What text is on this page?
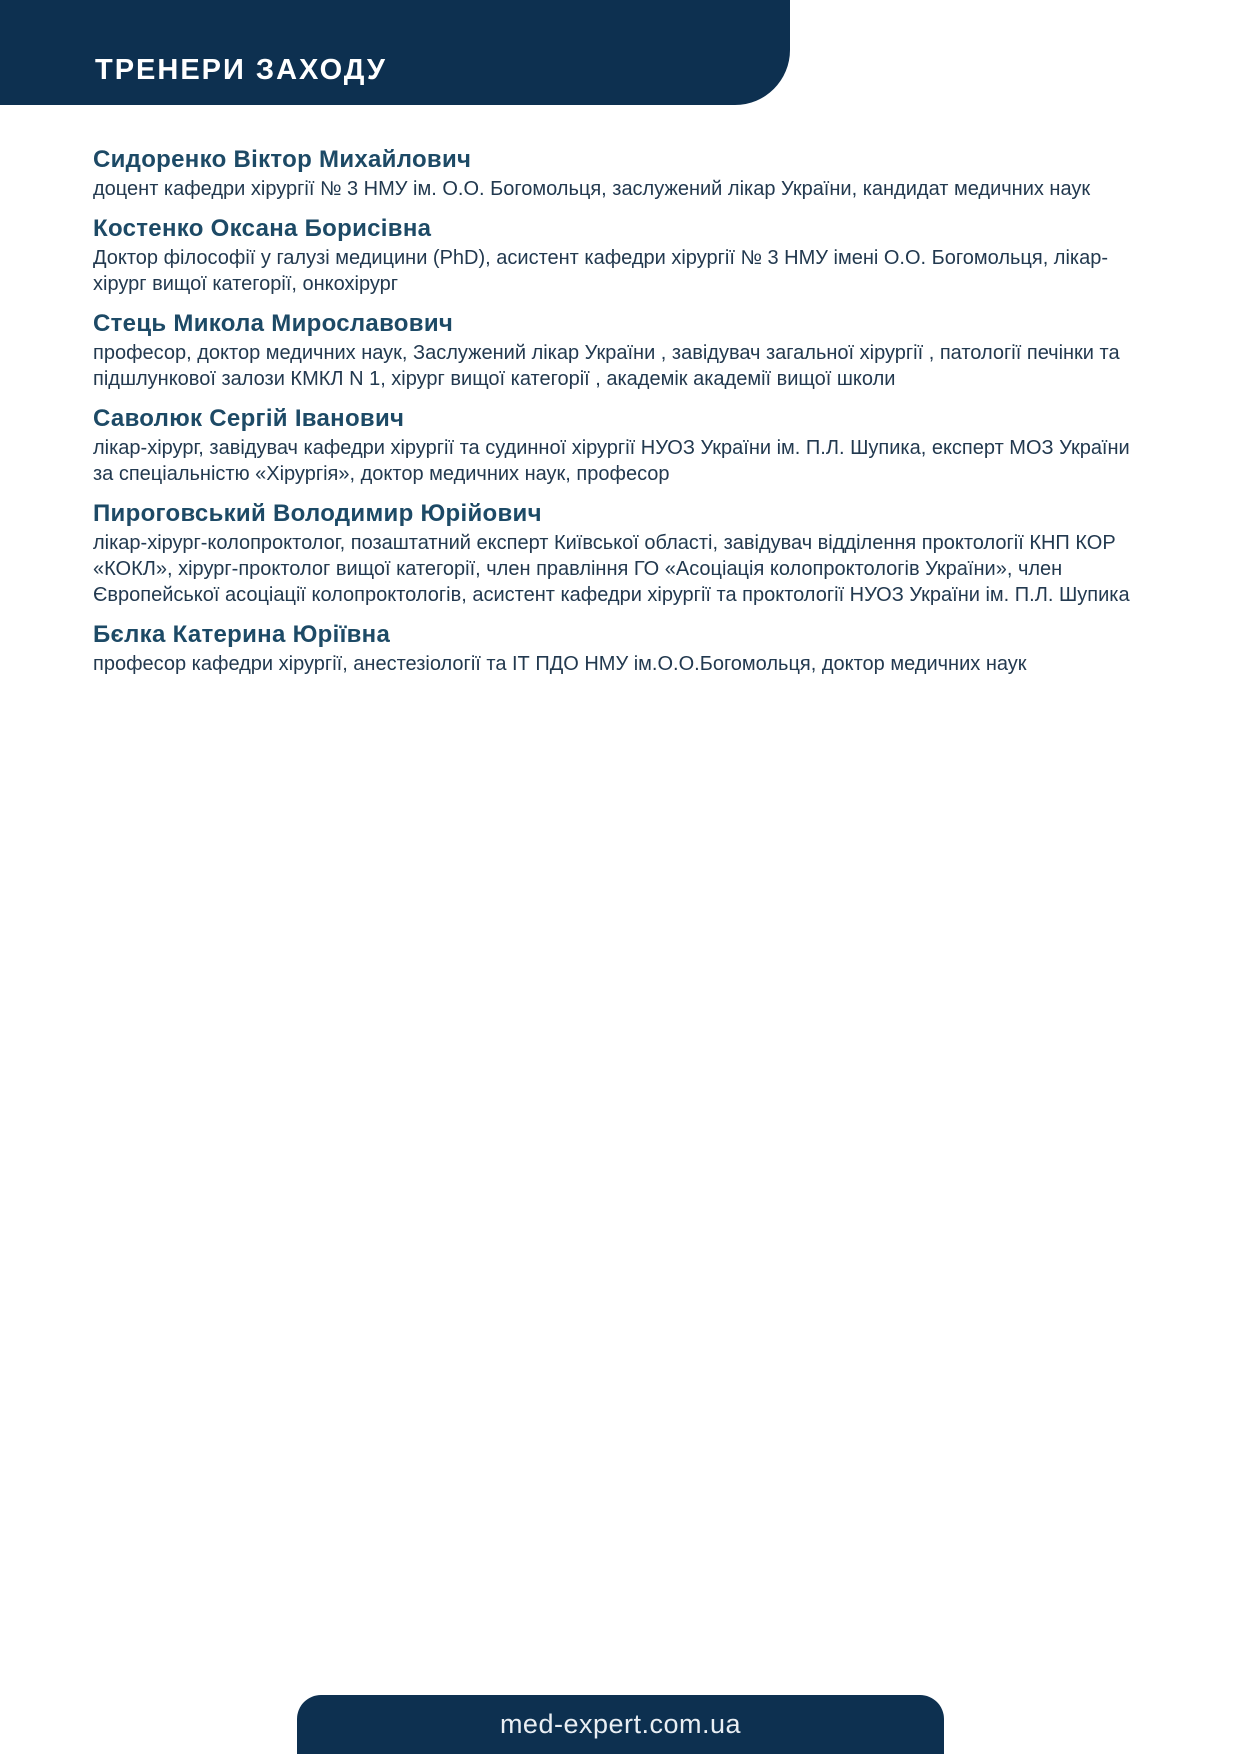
ТРЕНЕРИ ЗАХОДУ
Сидоренко Віктор Михайлович

доцент кафедри хірургії № 3 НМУ ім. О.О. Богомольця, заслужений лікар України, кандидат медичних наук

Костенко Оксана Борисівна

Доктор філософії у галузі медицини (PhD), асистент кафедри хірургії № 3 НМУ імені О.О. Богомольця, лікар-хірург вищої категорії, онкохірург

Стець Микола Мирославович

професор, доктор медичних наук, Заслужений лікар України , завідувач загальної хірургії , патології печінки та підшлункової залози КМКЛ N 1, хірург вищої категорії , академік академії вищої школи

Саволюк Сергій Іванович

лікар-хірург, завідувач кафедри хірургії та судинної хірургії НУОЗ України ім. П.Л. Шупика, експерт МОЗ України за спеціальністю «Хірургія», доктор медичних наук, професор

Пироговський Володимир Юрійович

лікар-хірург-колопроктолог, позаштатний експерт Київської області, завідувач відділення проктології КНП КОР «КОКЛ», хірург-проктолог вищої категорії, член правління ГО «Асоціація колопроктологів України», член Європейської асоціації колопроктологів, асистент кафедри хірургії та проктології НУОЗ України ім. П.Л. Шупика

Бєлка Катерина Юріївна

професор кафедри хірургії, анестезіології та ІТ ПДО НМУ ім.О.О.Богомольця, доктор медичних наук

med-expert.com.ua
